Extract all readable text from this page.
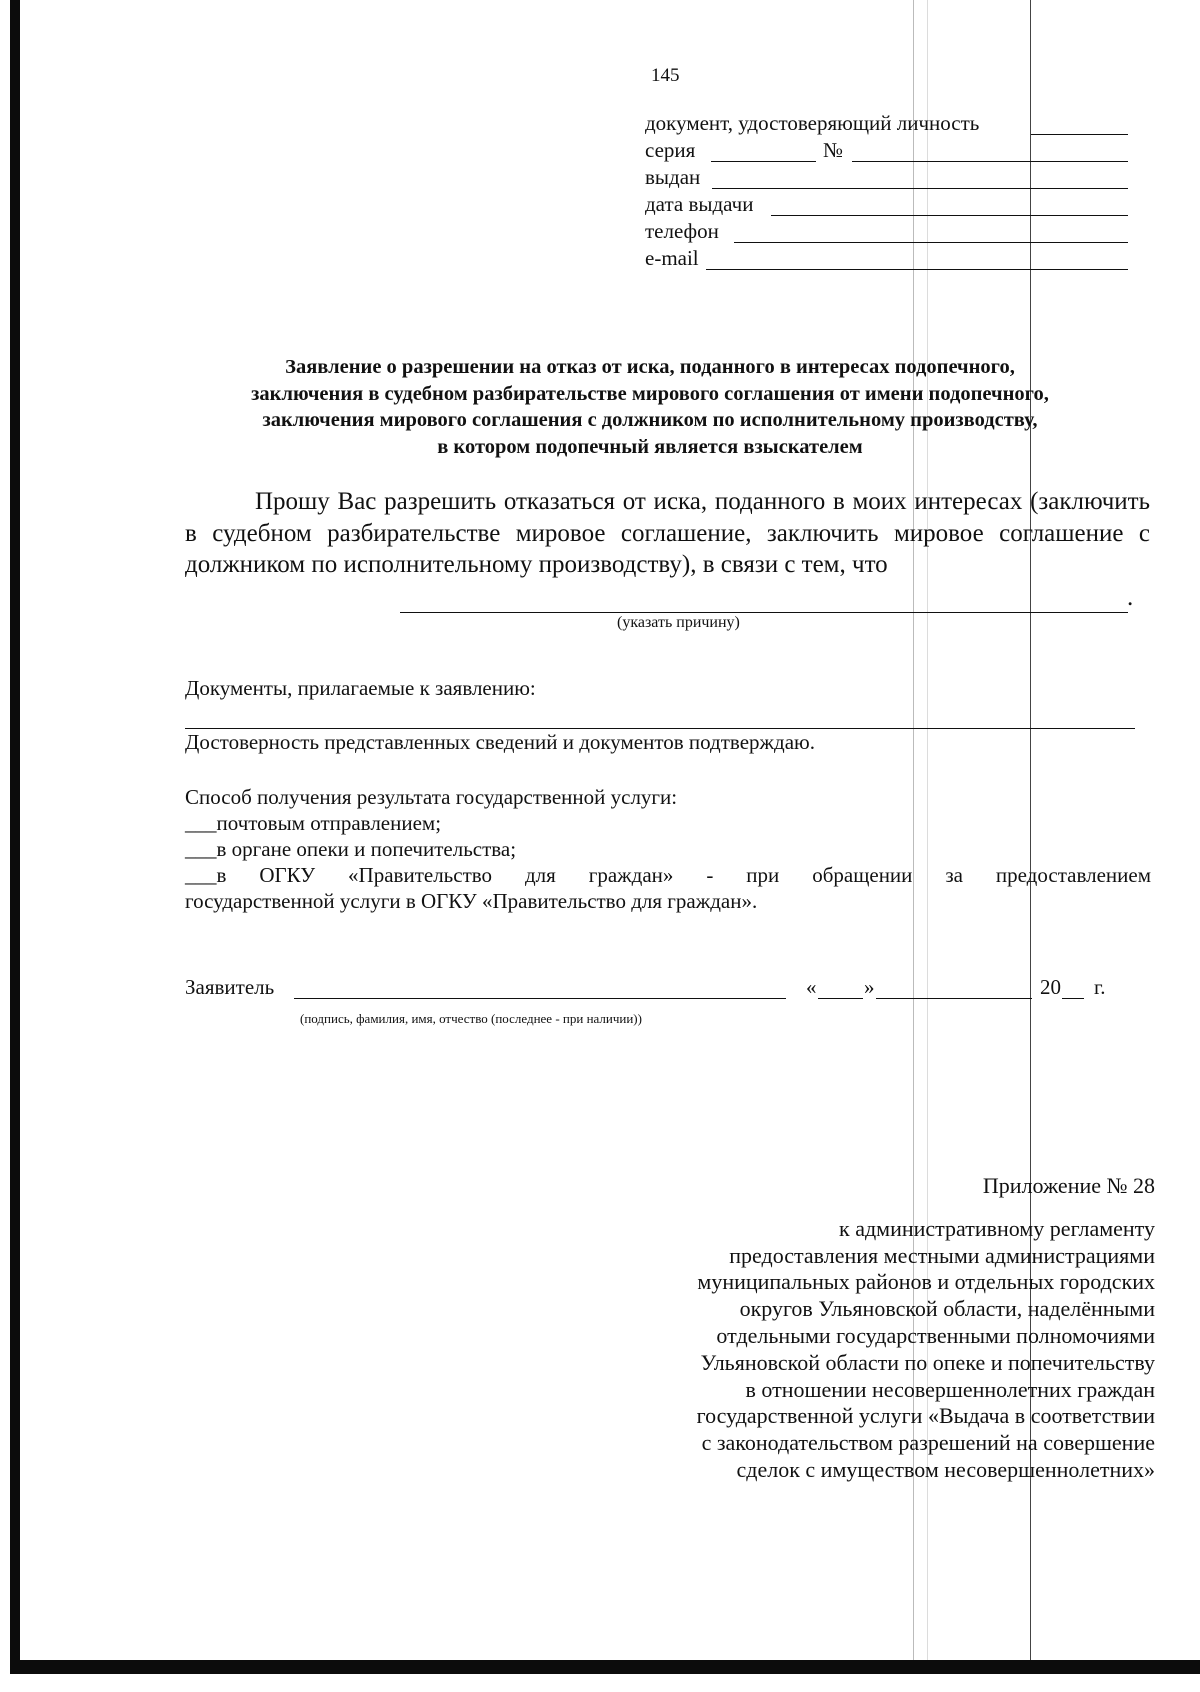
145
документ, удостоверяющий личность
серия	№
выдан
дата выдачи
телефон
e-mail
Заявление о разрешении на отказ от иска, поданного в интересах подопечного,
заключения в судебном разбирательстве мирового соглашения от имени подопечного,
заключения мирового соглашения с должником по исполнительному производству,
в котором подопечный является взыскателем
Прошу Вас разрешить отказаться от иска, поданного в моих интересах (заключить в судебном разбирательстве мировое соглашение, заключить мировое соглашение с должником по исполнительному производству), в связи с тем, что
.
(указать причину)
Документы, прилагаемые к заявлению:
Достоверность представленных сведений и документов подтверждаю.

Способ получения результата государственной услуги:

___почтовым отправлением;

___в органе опеки и попечительства;

___в ОГКУ «Правительство для граждан» - при обращении за предоставлением

государственной услуги в ОГКУ «Правительство для граждан».

Заявитель	« »	20 г.
(подпись, фамилия, имя, отчество (последнее - при наличии))
Приложение № 28
к административному регламенту
предоставления местными администрациями
муниципальных районов и отдельных городских
округов Ульяновской области, наделёнными
отдельными государственными полномочиями
Ульяновской области по опеке и попечительству
в отношении несовершеннолетних граждан
государственной услуги «Выдача в соответствии
с законодательством разрешений на совершение
сделок с имуществом несовершеннолетних»
